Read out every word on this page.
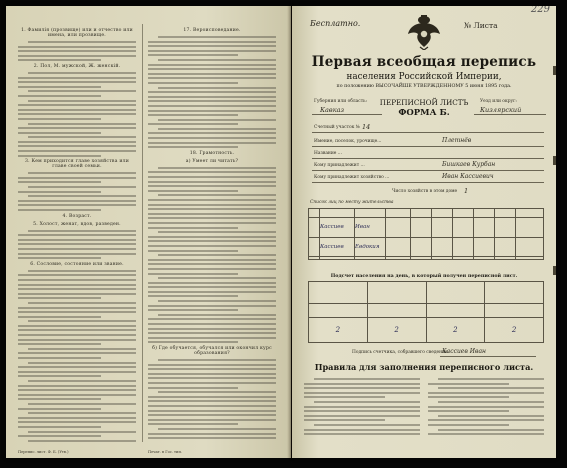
1. Фамилія (прозвище) или и отчество или имена, или прозвище.
2. Пол, М. мужской, Ж. женскій.
3. Кем приходится главе хозяйства или главе своей семьи.
4. Возраст.
5. Холост, женат, вдов, разведен.
6. Сословие, состояние или звание.
17. Вероисповедание.
18. Грамотность.
а) Умеет ли читать?
б) Где обучается, обучался или окончил курс образования?
Перепис. лист. Ф. Б. (Утв.)	Печат. в Гос. тип.
Бесплатно.	№ Листа
229
Первая всеобщая перепись
населения Российской Империи,
по положению ВЫСОЧАЙШЕ УТВЕРЖДЕННОМУ 5 июня 1895 года.
Губерния или область:
Кавказ
ПЕРЕПИСНОЙ ЛИСТЪ
ФОРМА Б.
Уезд или округ:
Кизлярский
Счетный участок № 14
Имение, поселок, урочище...	Плетнёв
Название ...
Кому принадлежит ...	Бишкаев Курбан
Кому принадлежит хозяйство ...	Иван Кассиевич
Число хозяйств в этом доме 1
Список лиц по месту жительства

	Кассиев	Иван							
	Кассиев	Евдокия							

Подсчет населения на день, в который получен переписной лист.

2	2	2	2
Подпись счетчика, собравшего сведения:
Кассиев Иван
Правила для заполнения переписного листа.
